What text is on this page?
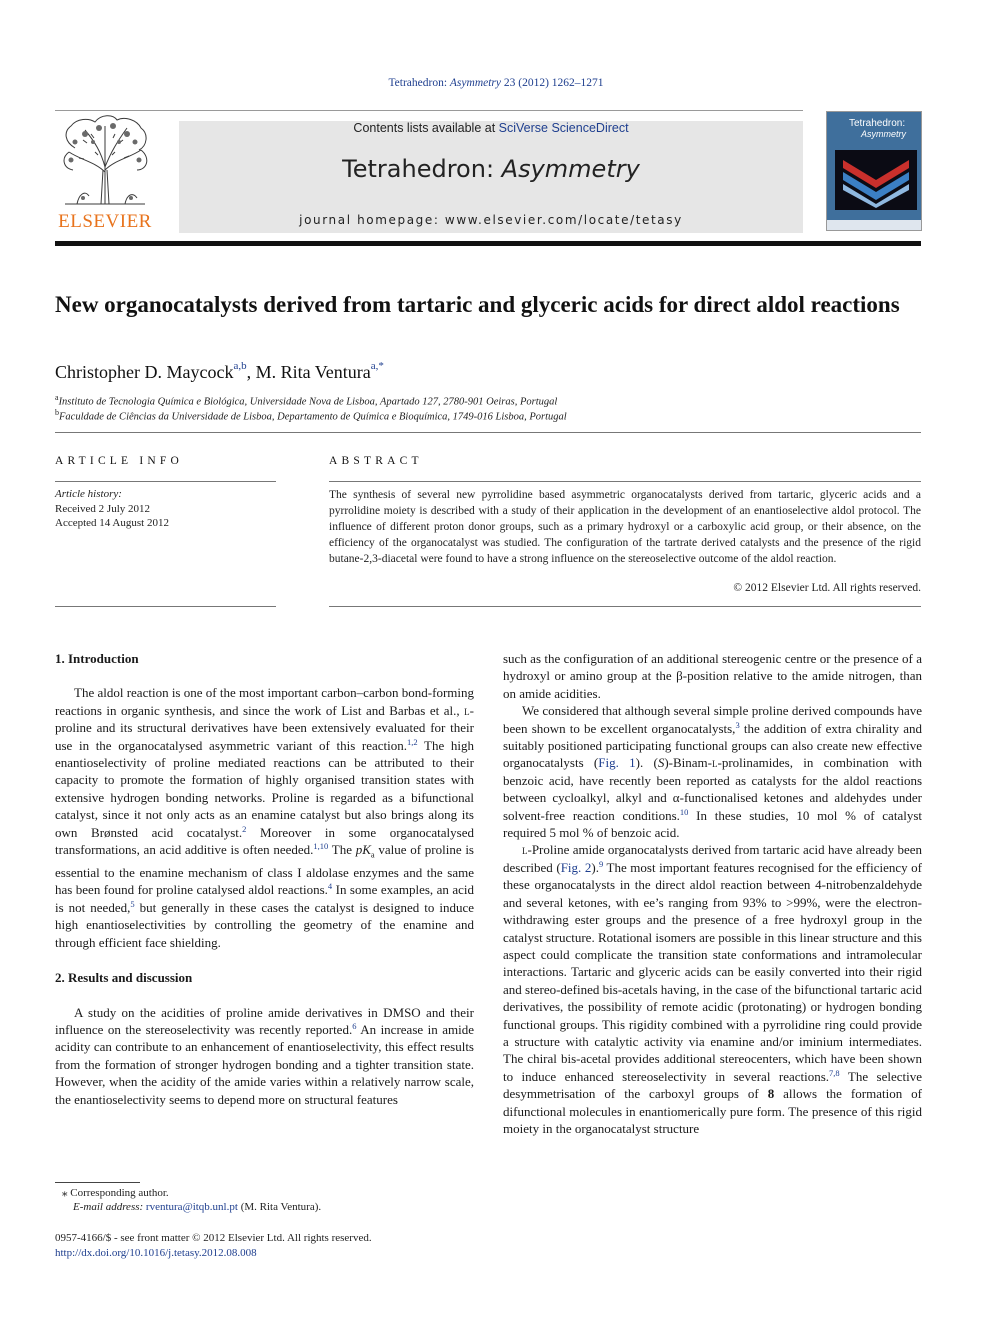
Tetrahedron: Asymmetry 23 (2012) 1262–1271
ELSEVIER
Contents lists available at SciVerse ScienceDirect
Tetrahedron: Asymmetry
journal homepage: www.elsevier.com/locate/tetasy
Tetrahedron:
Asymmetry
New organocatalysts derived from tartaric and glyceric acids for direct aldol reactions
Christopher D. Maycock$^{a,b}$, M. Rita Ventura$^{a,*}$
$^a$Instituto de Tecnologia Química e Biológica, Universidade Nova de Lisboa, Apartado 127, 2780-901 Oeiras, Portugal
$^b$Faculdade de Ciências da Universidade de Lisboa, Departamento de Química e Bioquímica, 1749-016 Lisboa, Portugal
ARTICLE INFO
Article history:
Received 2 July 2012
Accepted 14 August 2012
ABSTRACT
The synthesis of several new pyrrolidine based asymmetric organocatalysts derived from tartaric, glyceric acids and a pyrrolidine moiety is described with a study of their application in the development of an enantioselective aldol protocol. The influence of different proton donor groups, such as a primary hydroxyl or a carboxylic acid group, or their absence, on the efficiency of the organocatalyst was studied. The configuration of the tartrate derived catalysts and the presence of the rigid butane-2,3-diacetal were found to have a strong influence on the stereoselective outcome of the aldol reaction.
© 2012 Elsevier Ltd. All rights reserved.
1. Introduction

The aldol reaction is one of the most important carbon–carbon bond-forming reactions in organic synthesis, and since the work of List and Barbas et al., l-proline and its structural derivatives have been extensively evaluated for their use in the organocatalysed asymmetric variant of this reaction.$^{1,2}$ The high enantioselectivity of proline mediated reactions can be attributed to their capacity to promote the formation of highly organised transition states with extensive hydrogen bonding networks. Proline is regarded as a bifunctional catalyst, since it not only acts as an enamine catalyst but also brings along its own Brønsted acid cocatalyst.$^2$ Moreover in some organocatalysed transformations, an acid additive is often needed.$^{1,10}$ The $pK_a$ value of proline is essential to the enamine mechanism of class I aldolase enzymes and the same has been found for proline catalysed aldol reactions.$^4$ In some examples, an acid is not needed,$^5$ but generally in these cases the catalyst is designed to induce high enantioselectivities by controlling the geometry of the enamine and through efficient face shielding.

2. Results and discussion

A study on the acidities of proline amide derivatives in DMSO and their influence on the stereoselectivity was recently reported.$^6$ An increase in amide acidity can contribute to an enhancement of enantioselectivity, this effect results from the formation of stronger hydrogen bonding and a tighter transition state. However, when the acidity of the amide varies within a relatively narrow scale, the enantioselectivity seems to depend more on structural features

such as the configuration of an additional stereogenic centre or the presence of a hydroxyl or amino group at the β-position relative to the amide nitrogen, than on amide acidities.

We considered that although several simple proline derived compounds have been shown to be excellent organocatalysts,$^3$ the addition of extra chirality and suitably positioned participating functional groups can also create new effective organocatalysts (Fig. 1). (S)-Binam-l-prolinamides, in combination with benzoic acid, have recently been reported as catalysts for the aldol reactions between cycloalkyl, alkyl and α-functionalised ketones and aldehydes under solvent-free reaction conditions.$^{10}$ In these studies, 10 mol % of catalyst required 5 mol % of benzoic acid.

l-Proline amide organocatalysts derived from tartaric acid have already been described (Fig. 2).$^9$ The most important features recognised for the efficiency of these organocatalysts in the direct aldol reaction between 4-nitrobenzaldehyde and several ketones, with ee’s ranging from 93% to >99%, were the electron-withdrawing ester groups and the presence of a free hydroxyl group in the catalyst structure. Rotational isomers are possible in this linear structure and this aspect could complicate the transition state conformations and intramolecular interactions. Tartaric and glyceric acids can be easily converted into their rigid and stereo-defined bis-acetals having, in the case of the bifunctional tartaric acid derivatives, the possibility of remote acidic (protonating) or hydrogen bonding functional groups. This rigidity combined with a pyrrolidine ring could provide a structure with catalytic activity via enamine and/or iminium intermediates. The chiral bis-acetal provides additional stereocenters, which have been shown to induce enhanced stereoselectivity in several reactions.$^{7,8}$ The selective desymmetrisation of the carboxyl groups of 8 allows the formation of difunctional molecules in enantiomerically pure form. The presence of this rigid moiety in the organocatalyst structure

⁎ Corresponding author.
E-mail address: rventura@itqb.unl.pt (M. Rita Ventura).
0957-4166/$ - see front matter © 2012 Elsevier Ltd. All rights reserved.
http://dx.doi.org/10.1016/j.tetasy.2012.08.008
